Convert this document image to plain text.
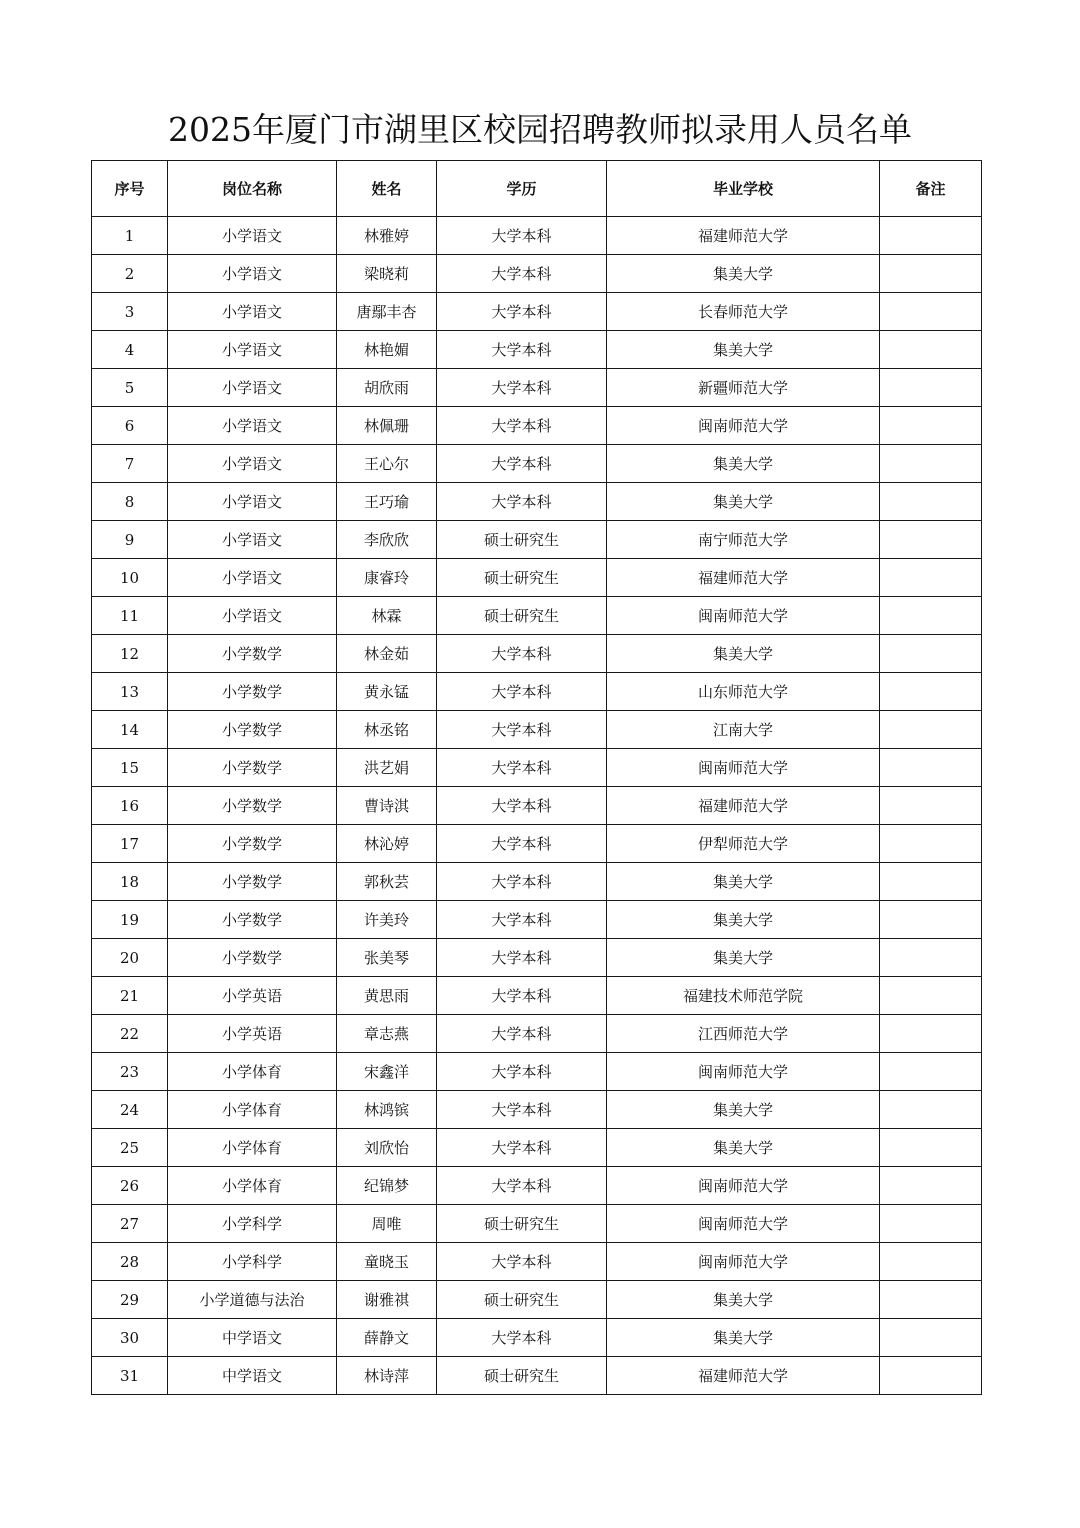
2025年厦门市湖里区校园招聘教师拟录用人员名单
序号	岗位名称	姓名	学历	毕业学校	备注
1	小学语文	林雅婷	大学本科	福建师范大学	
2	小学语文	梁晓莉	大学本科	集美大学	
3	小学语文	唐鄢丰杏	大学本科	长春师范大学	
4	小学语文	林艳媚	大学本科	集美大学	
5	小学语文	胡欣雨	大学本科	新疆师范大学	
6	小学语文	林佩珊	大学本科	闽南师范大学	
7	小学语文	王心尔	大学本科	集美大学	
8	小学语文	王巧瑜	大学本科	集美大学	
9	小学语文	李欣欣	硕士研究生	南宁师范大学	
10	小学语文	康睿玲	硕士研究生	福建师范大学	
11	小学语文	林霖	硕士研究生	闽南师范大学	
12	小学数学	林金茹	大学本科	集美大学	
13	小学数学	黄永锰	大学本科	山东师范大学	
14	小学数学	林丞铭	大学本科	江南大学	
15	小学数学	洪艺娟	大学本科	闽南师范大学	
16	小学数学	曹诗淇	大学本科	福建师范大学	
17	小学数学	林沁婷	大学本科	伊犁师范大学	
18	小学数学	郭秋芸	大学本科	集美大学	
19	小学数学	许美玲	大学本科	集美大学	
20	小学数学	张美琴	大学本科	集美大学	
21	小学英语	黄思雨	大学本科	福建技术师范学院	
22	小学英语	章志燕	大学本科	江西师范大学	
23	小学体育	宋鑫洋	大学本科	闽南师范大学	
24	小学体育	林鸿镔	大学本科	集美大学	
25	小学体育	刘欣怡	大学本科	集美大学	
26	小学体育	纪锦梦	大学本科	闽南师范大学	
27	小学科学	周唯	硕士研究生	闽南师范大学	
28	小学科学	童晓玉	大学本科	闽南师范大学	
29	小学道德与法治	谢雅祺	硕士研究生	集美大学	
30	中学语文	薛静文	大学本科	集美大学	
31	中学语文	林诗萍	硕士研究生	福建师范大学	
